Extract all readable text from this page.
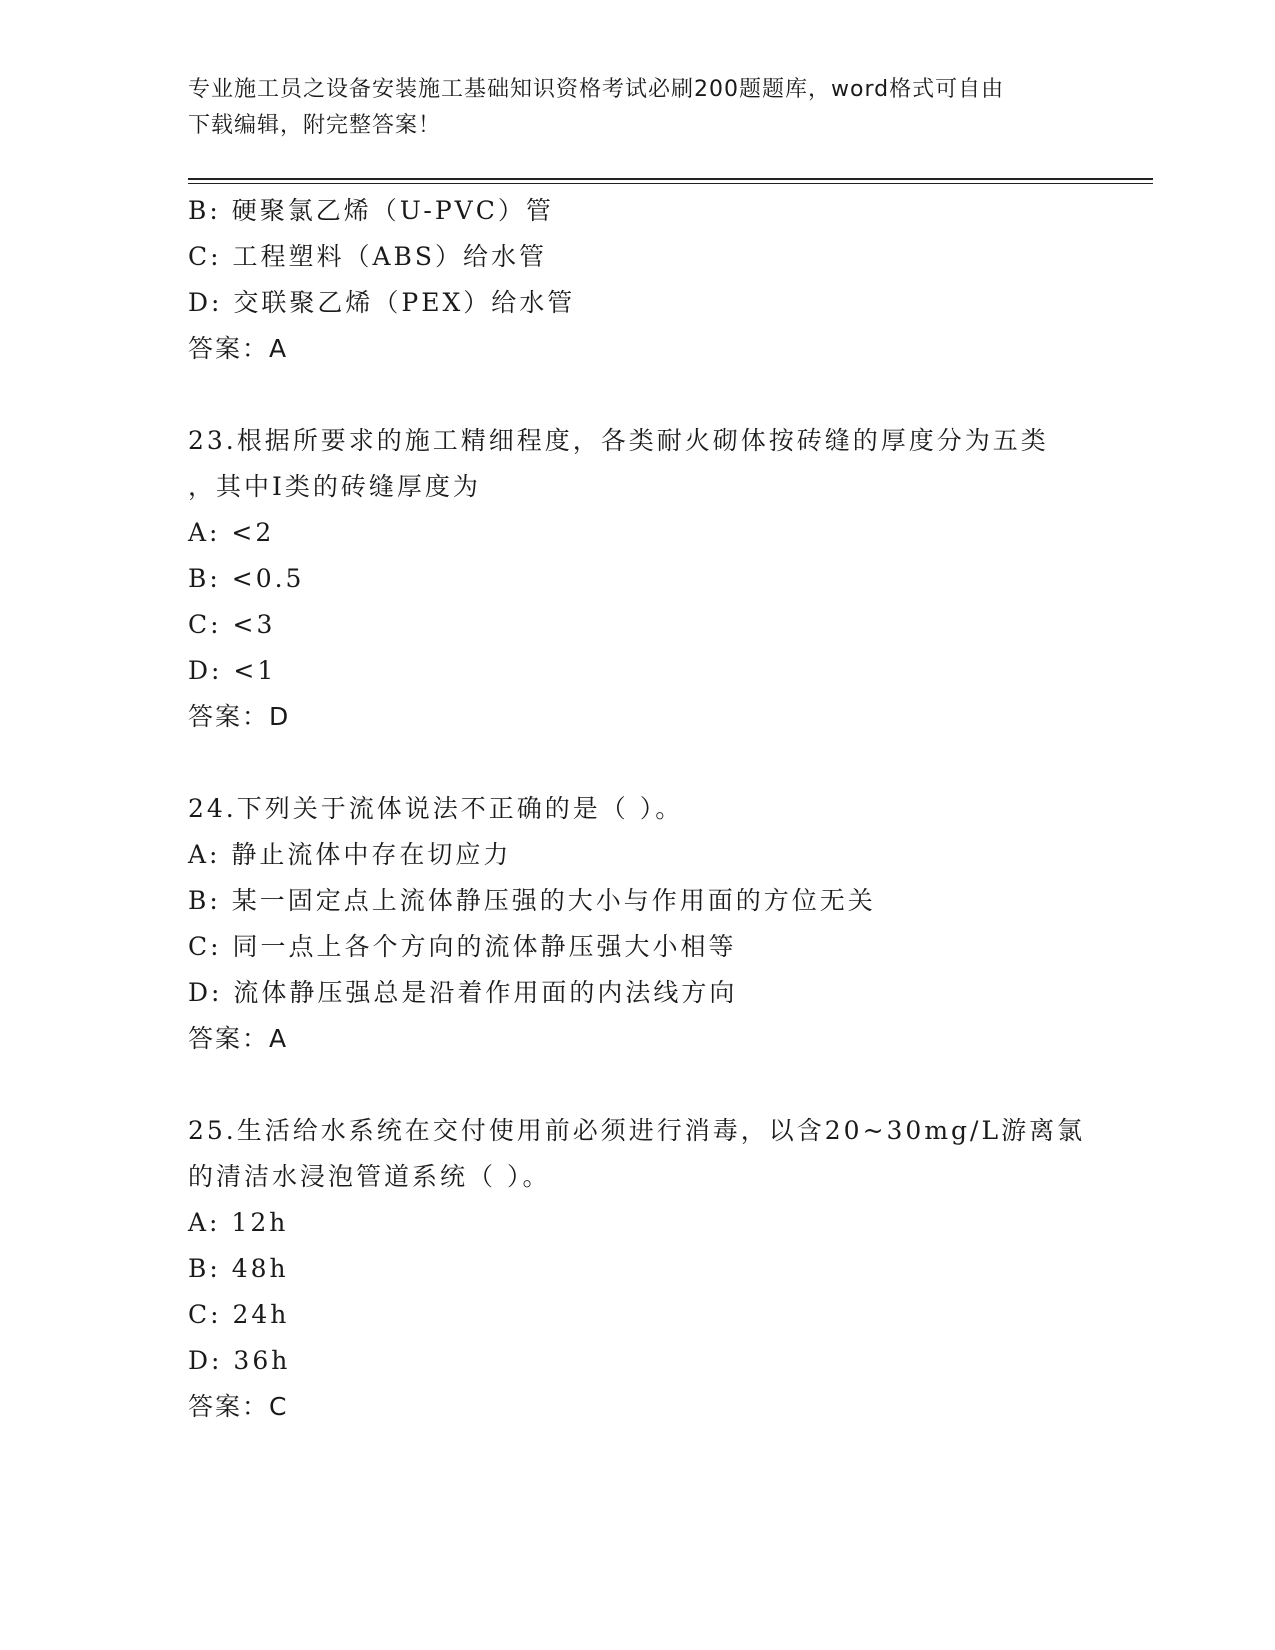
专业施工员之设备安装施工基础知识资格考试必刷200题题库，word格式可自由
下载编辑，附完整答案！
B: 硬聚氯乙烯（U-PVC）管
C: 工程塑料（ABS）给水管
D: 交联聚乙烯（PEX）给水管
答案：A
23.根据所要求的施工精细程度，各类耐火砌体按砖缝的厚度分为五类
，其中I类的砖缝厚度为
A: <2
B: <0.5
C: <3
D: <1
答案：D
24.下列关于流体说法不正确的是（ ）。
A: 静止流体中存在切应力
B: 某一固定点上流体静压强的大小与作用面的方位无关
C: 同一点上各个方向的流体静压强大小相等
D: 流体静压强总是沿着作用面的内法线方向
答案：A
25.生活给水系统在交付使用前必须进行消毒，以含20~30mg/L游离氯
的清洁水浸泡管道系统（ ）。
A: 12h
B: 48h
C: 24h
D: 36h
答案：C
